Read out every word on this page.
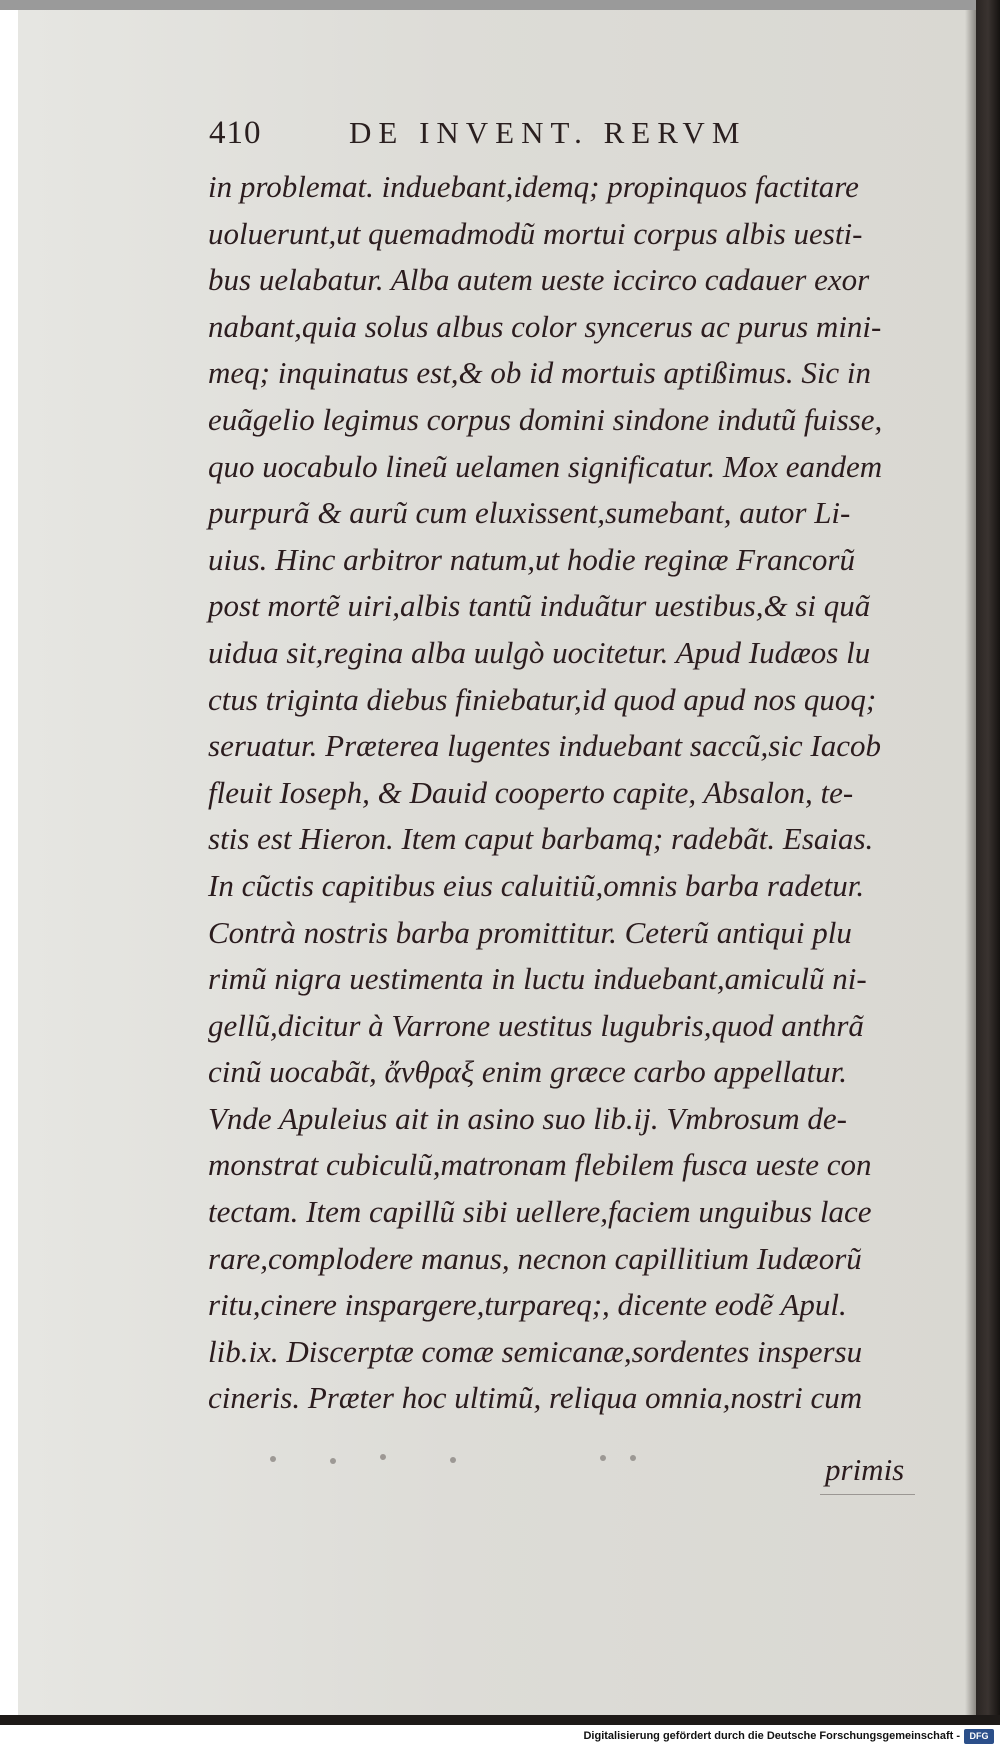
410	DE INVENT. RERVM
in problemat. induebant,idemq; propinquos factitare
uoluerunt,ut quemadmodũ mortui corpus albis uesti-
bus uelabatur. Alba autem ueste iccirco cadauer exor
nabant,quia solus albus color syncerus ac purus mini-
meq; inquinatus est,& ob id mortuis aptißimus. Sic in
euãgelio legimus corpus domini sindone indutũ fuisse,
quo uocabulo lineũ uelamen significatur. Mox eandem
purpurã & aurũ cum eluxissent,sumebant, autor Li-
uius. Hinc arbitror natum,ut hodie reginæ Francorũ
post mortẽ uiri,albis tantũ induãtur uestibus,& si quã
uidua sit,regina alba uulgò uocitetur. Apud Iudæos lu
ctus triginta diebus finiebatur,id quod apud nos quoq;
seruatur. Præterea lugentes induebant saccũ,sic Iacob
fleuit Ioseph, & Dauid cooperto capite, Absalon, te-
stis est Hieron. Item caput barbamq; radebãt. Esaias.
In cũctis capitibus eius caluitiũ,omnis barba radetur.
Contrà nostris barba promittitur. Ceterũ antiqui plu
rimũ nigra uestimenta in luctu induebant,amiculũ ni-
gellũ,dicitur à Varrone uestitus lugubris,quod anthrã
cinũ uocabãt, ἄνθραξ enim græce carbo appellatur.
Vnde Apuleius ait in asino suo lib.ij. Vmbrosum de-
monstrat cubiculũ,matronam flebilem fusca ueste con
tectam. Item capillũ sibi uellere,faciem unguibus lace
rare,complodere manus, necnon capillitium Iudæorũ
ritu,cinere inspargere,turpareq;, dicente eodẽ Apul.
lib.ix. Discerptæ comæ semicanæ,sordentes inspersu
cineris. Præter hoc ultimũ, reliqua omnia,nostri cum
primis
Digitalisierung gefördert durch die Deutsche Forschungsgemeinschaft -	DFG
